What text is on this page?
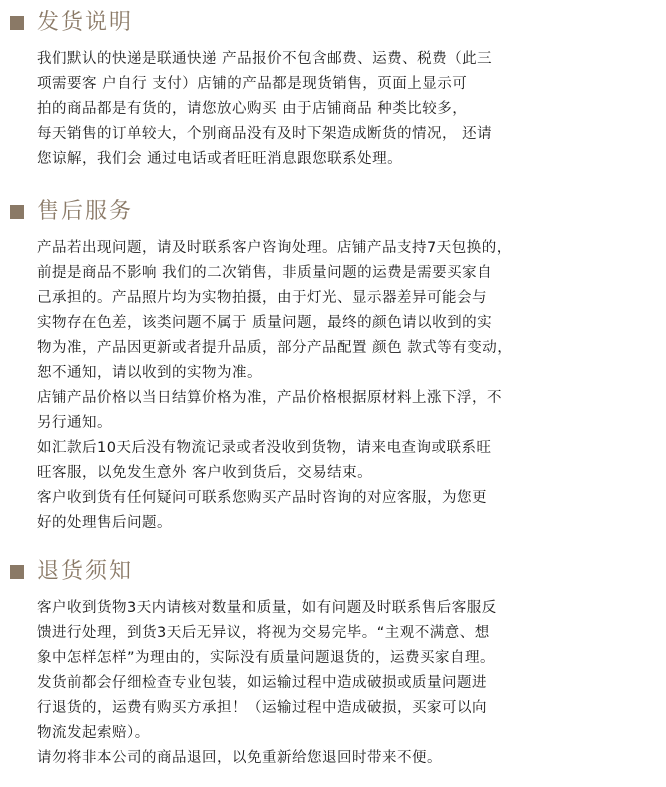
发货说明
我们默认的快递是联通快递 产品报价不包含邮费、运费、税费（此三
项需要客 户自行 支付）店铺的产品都是现货销售，页面上显示可
拍的商品都是有货的，请您放心购买 由于店铺商品 种类比较多，
每天销售的订单较大，个别商品没有及时下架造成断货的情况， 还请
您谅解，我们会 通过电话或者旺旺消息跟您联系处理。
售后服务
产品若出现问题，请及时联系客户咨询处理。店铺产品支持7天包换的，
前提是商品不影响 我们的二次销售，非质量问题的运费是需要买家自
己承担的。产品照片均为实物拍摄，由于灯光、显示器差异可能会与
实物存在色差，该类问题不属于 质量问题，最终的颜色请以收到的实
物为准，产品因更新或者提升品质，部分产品配置 颜色 款式等有变动，
恕不通知，请以收到的实物为准。
店铺产品价格以当日结算价格为准，产品价格根据原材料上涨下浮，不
另行通知。
如汇款后10天后没有物流记录或者没收到货物，请来电查询或联系旺
旺客服，以免发生意外 客户收到货后，交易结束。
客户收到货有任何疑问可联系您购买产品时咨询的对应客服，为您更
好的处理售后问题。
退货须知
客户收到货物3天内请核对数量和质量，如有问题及时联系售后客服反
馈进行处理，到货3天后无异议，将视为交易完毕。“主观不满意、想
象中怎样怎样”为理由的，实际没有质量问题退货的，运费买家自理。
发货前都会仔细检查专业包装，如运输过程中造成破损或质量问题进
行退货的，运费有购买方承担！（运输过程中造成破损，买家可以向
物流发起索赔）。
请勿将非本公司的商品退回，以免重新给您退回时带来不便。
